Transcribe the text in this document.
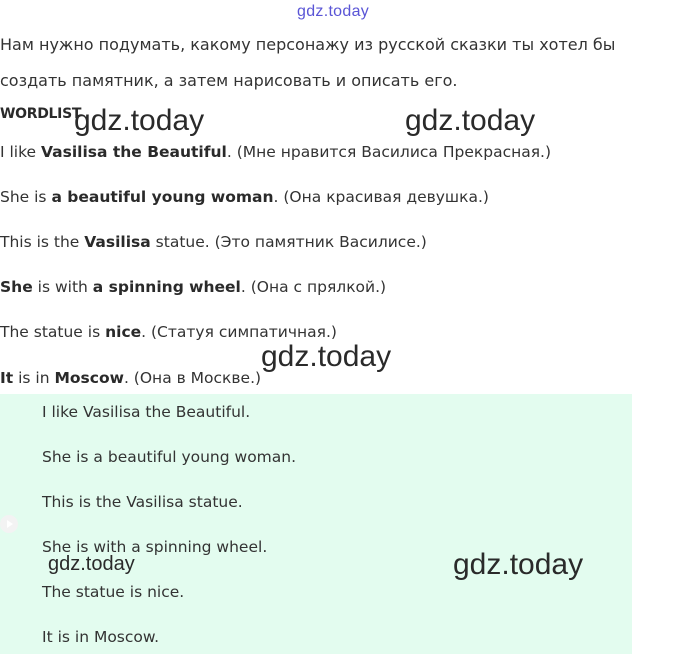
gdz.today
Нам нужно подумать, какому персонажу из русской сказки ты хотел бы
создать памятник, а затем нарисовать и описать его.
WORDLIST
gdz.today	gdz.today
I like Vasilisa the Beautiful. (Мне нравится Василиса Прекрасная.)
She is a beautiful young woman. (Она красивая девушка.)
This is the Vasilisa statue. (Это памятник Василисе.)
She is with a spinning wheel. (Она с прялкой.)
The statue is nice. (Статуя симпатичная.)
gdz.today
It is in Moscow. (Она в Москве.)
I like Vasilisa the Beautiful.
She is a beautiful young woman.
This is the Vasilisa statue.
She is with a spinning wheel.
The statue is nice.
It is in Moscow.
gdz.today	gdz.today
